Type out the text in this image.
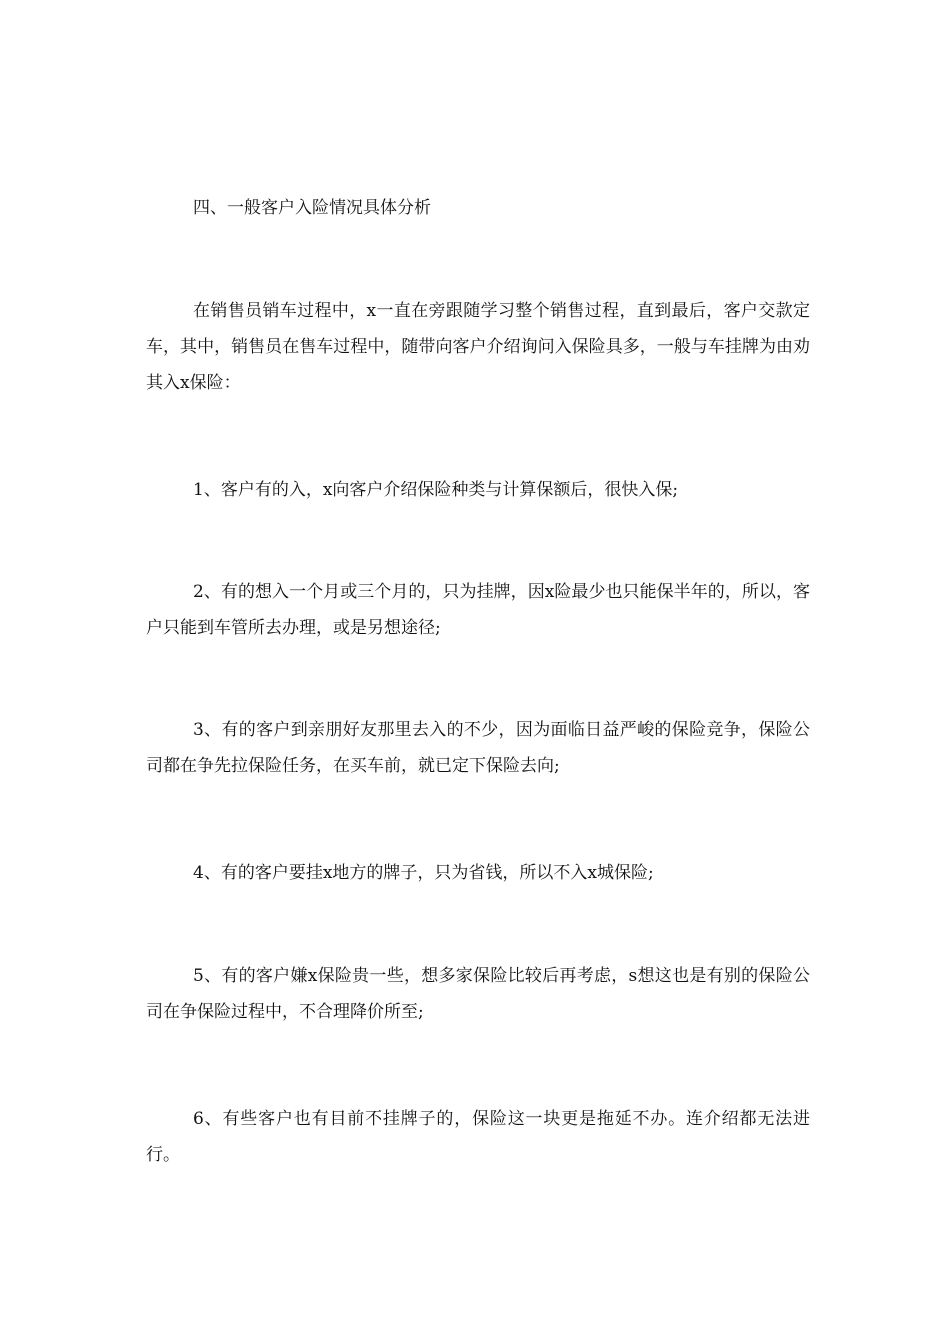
四、一般客户入险情况具体分析

在销售员销车过程中，x一直在旁跟随学习整个销售过程，直到最后，客户交款定车，其中，销售员在售车过程中，随带向客户介绍询问入保险具多，一般与车挂牌为由劝其入x保险：

1、客户有的入，x向客户介绍保险种类与计算保额后，很快入保;

2、有的想入一个月或三个月的，只为挂牌，因x险最少也只能保半年的，所以，客户只能到车管所去办理，或是另想途径;

3、有的客户到亲朋好友那里去入的不少，因为面临日益严峻的保险竞争，保险公司都在争先拉保险任务，在买车前，就已定下保险去向;

4、有的客户要挂x地方的牌子，只为省钱，所以不入x城保险;

5、有的客户嫌x保险贵一些，想多家保险比较后再考虑，s想这也是有别的保险公司在争保险过程中，不合理降价所至;

6、有些客户也有目前不挂牌子的，保险这一块更是拖延不办。连介绍都无法进行。
